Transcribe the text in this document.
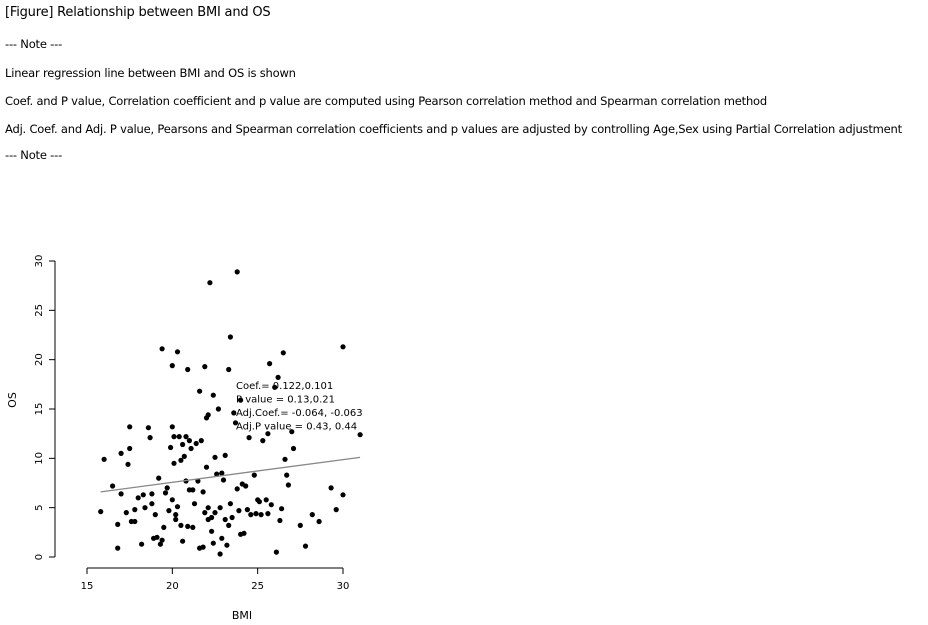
[Figure] Relationship between BMI and OS
--- Note ---
Linear regression line between BMI and OS is shown
Coef. and P value, Correlation coefficient and p value are computed using Pearson correlation method and Spearman correlation method
Adj. Coef. and Adj. P value, Pearsons and Spearman correlation coefficients and p values are adjusted by controlling Age,Sex using Partial Correlation adjustment
--- Note ---
15	20	25	30
0
5
10
15
20
25
30
Coef.= 0.122,0.101
P value = 0.13,0.21
Adj.Coef.= -0.064, -0.063
Adj.P value = 0.43, 0.44
BMI
OS
